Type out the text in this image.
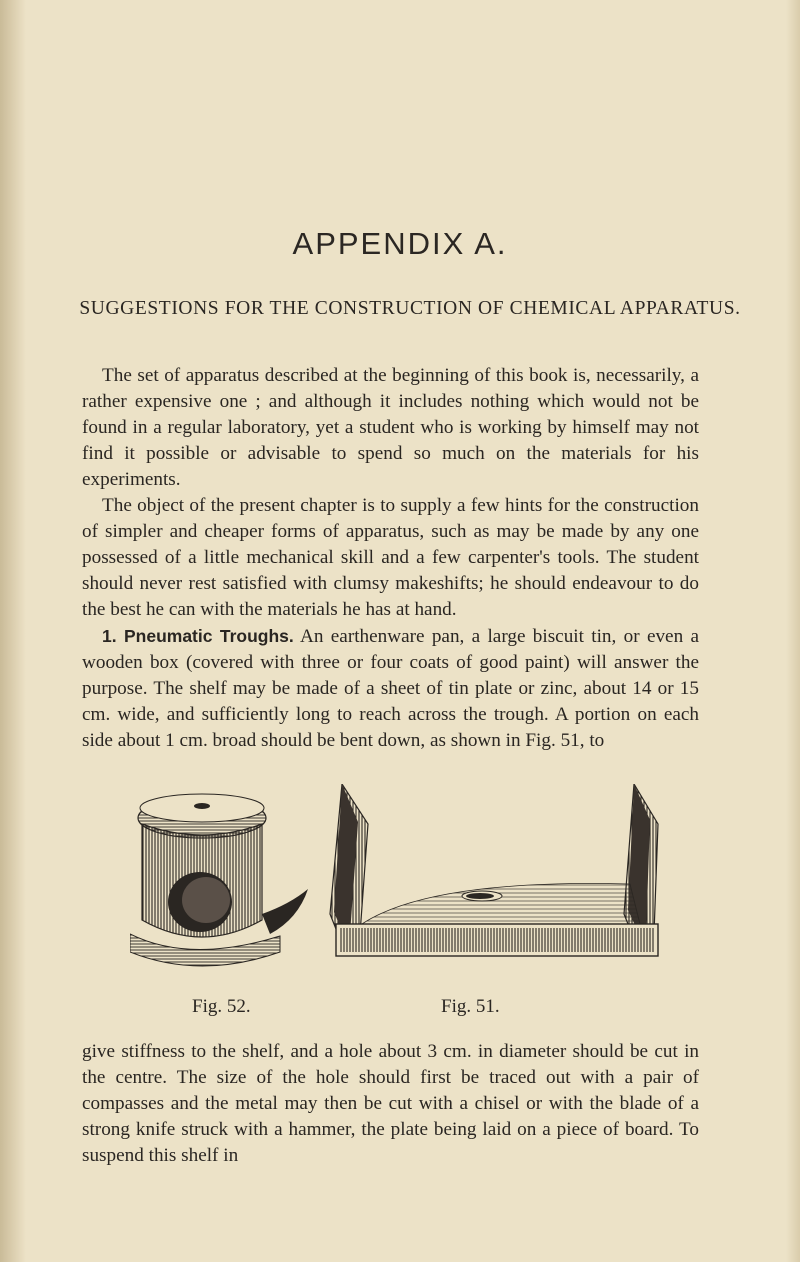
APPENDIX A.
SUGGESTIONS FOR THE CONSTRUCTION OF CHEMICAL APPARATUS.

The set of apparatus described at the beginning of this book is, necessarily, a rather expensive one ; and although it includes nothing which would not be found in a regular laboratory, yet a student who is working by himself may not find it possible or advisable to spend so much on the materials for his experiments.

The object of the present chapter is to supply a few hints for the construction of simpler and cheaper forms of apparatus, such as may be made by any one possessed of a little mechanical skill and a few carpenter's tools. The student should never rest satisfied with clumsy makeshifts; he should endeavour to do the best he can with the materials he has at hand.

1. Pneumatic Troughs. An earthenware pan, a large biscuit tin, or even a wooden box (covered with three or four coats of good paint) will answer the purpose. The shelf may be made of a sheet of tin plate or zinc, about 14 or 15 cm. wide, and sufficiently long to reach across the trough. A portion on each side about 1 cm. broad should be bent down, as shown in Fig. 51, to

Fig. 52.	Fig. 51.

give stiffness to the shelf, and a hole about 3 cm. in diameter should be cut in the centre. The size of the hole should first be traced out with a pair of compasses and the metal may then be cut with a chisel or with the blade of a strong knife struck with a hammer, the plate being laid on a piece of board. To suspend this shelf in
